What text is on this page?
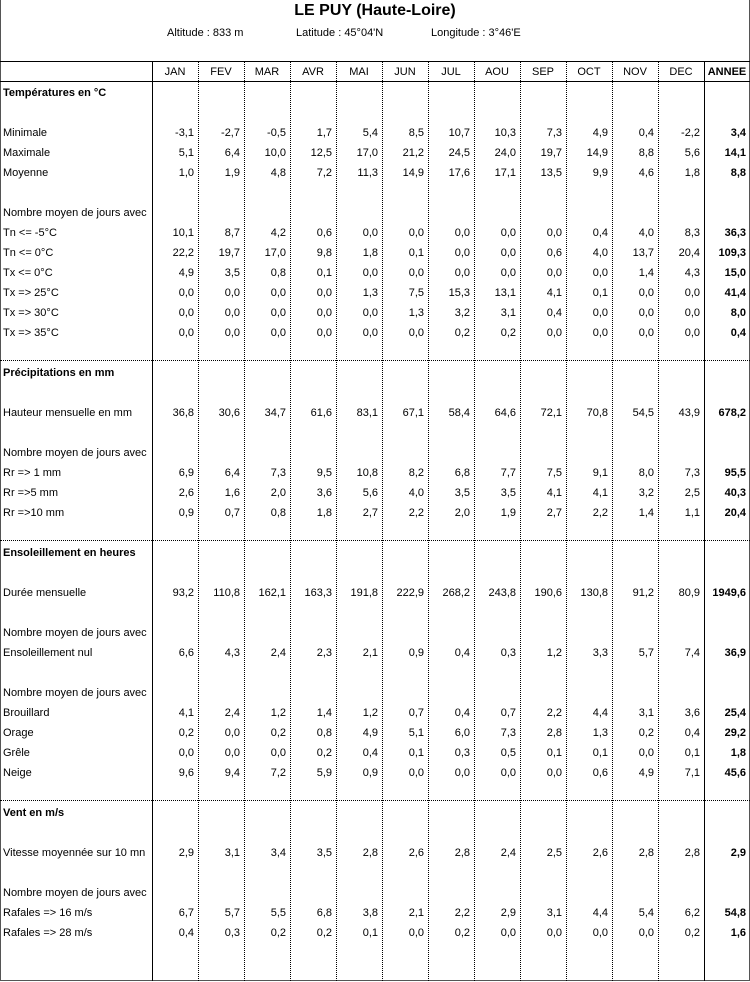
LE PUY (Haute-Loire)
Altitude : 833 m	Latitude : 45°04'N	Longitude : 3°46'E
JAN	FEV	MAR	AVR	MAI	JUN	JUL	AOU	SEP	OCT	NOV	DEC	ANNEE
Températures en °C
Minimale	-3,1	-2,7	-0,5	1,7	5,4	8,5	10,7	10,3	7,3	4,9	0,4	-2,2	3,4
Maximale	5,1	6,4	10,0	12,5	17,0	21,2	24,5	24,0	19,7	14,9	8,8	5,6	14,1
Moyenne	1,0	1,9	4,8	7,2	11,3	14,9	17,6	17,1	13,5	9,9	4,6	1,8	8,8
Nombre moyen de jours avec
Tn <= -5°C	10,1	8,7	4,2	0,6	0,0	0,0	0,0	0,0	0,0	0,4	4,0	8,3	36,3
Tn <= 0°C	22,2	19,7	17,0	9,8	1,8	0,1	0,0	0,0	0,6	4,0	13,7	20,4	109,3
Tx <= 0°C	4,9	3,5	0,8	0,1	0,0	0,0	0,0	0,0	0,0	0,0	1,4	4,3	15,0
Tx => 25°C	0,0	0,0	0,0	0,0	1,3	7,5	15,3	13,1	4,1	0,1	0,0	0,0	41,4
Tx => 30°C	0,0	0,0	0,0	0,0	0,0	1,3	3,2	3,1	0,4	0,0	0,0	0,0	8,0
Tx => 35°C	0,0	0,0	0,0	0,0	0,0	0,0	0,2	0,2	0,0	0,0	0,0	0,0	0,4
Précipitations en mm
Hauteur mensuelle en mm	36,8	30,6	34,7	61,6	83,1	67,1	58,4	64,6	72,1	70,8	54,5	43,9	678,2
Nombre moyen de jours avec
Rr => 1 mm	6,9	6,4	7,3	9,5	10,8	8,2	6,8	7,7	7,5	9,1	8,0	7,3	95,5
Rr =>5 mm	2,6	1,6	2,0	3,6	5,6	4,0	3,5	3,5	4,1	4,1	3,2	2,5	40,3
Rr =>10 mm	0,9	0,7	0,8	1,8	2,7	2,2	2,0	1,9	2,7	2,2	1,4	1,1	20,4
Ensoleillement en heures
Durée mensuelle	93,2	110,8	162,1	163,3	191,8	222,9	268,2	243,8	190,6	130,8	91,2	80,9	1949,6
Nombre moyen de jours avec
Ensoleillement nul	6,6	4,3	2,4	2,3	2,1	0,9	0,4	0,3	1,2	3,3	5,7	7,4	36,9
Nombre moyen de jours avec
Brouillard	4,1	2,4	1,2	1,4	1,2	0,7	0,4	0,7	2,2	4,4	3,1	3,6	25,4
Orage	0,2	0,0	0,2	0,8	4,9	5,1	6,0	7,3	2,8	1,3	0,2	0,4	29,2
Grêle	0,0	0,0	0,0	0,2	0,4	0,1	0,3	0,5	0,1	0,1	0,0	0,1	1,8
Neige	9,6	9,4	7,2	5,9	0,9	0,0	0,0	0,0	0,0	0,6	4,9	7,1	45,6
Vent en m/s
Vitesse moyennée sur 10 mn	2,9	3,1	3,4	3,5	2,8	2,6	2,8	2,4	2,5	2,6	2,8	2,8	2,9
Nombre moyen de jours avec
Rafales => 16 m/s	6,7	5,7	5,5	6,8	3,8	2,1	2,2	2,9	3,1	4,4	5,4	6,2	54,8
Rafales => 28 m/s	0,4	0,3	0,2	0,2	0,1	0,0	0,2	0,0	0,0	0,0	0,0	0,2	1,6
